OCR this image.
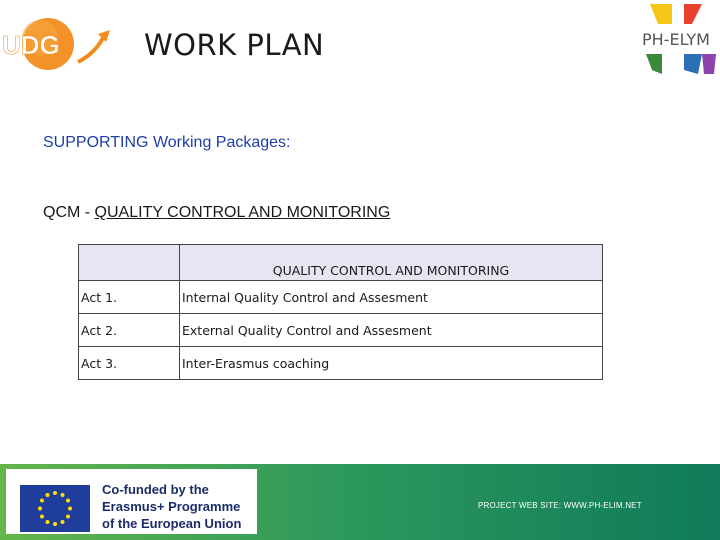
UDG	WORK PLAN	PH-ELYM
SUPPORTING Working Packages:
QCM - QUALITY CONTROL AND MONITORING
	QUALITY CONTROL AND MONITORING
Act 1.	Internal Quality Control and Assesment
Act 2.	External Quality Control and Assesment
Act 3.	Inter-Erasmus coaching
Co-funded by the
Erasmus+ Programme
of the European Union
PROJECT WEB SITE: WWW.PH-ELIM.NET
